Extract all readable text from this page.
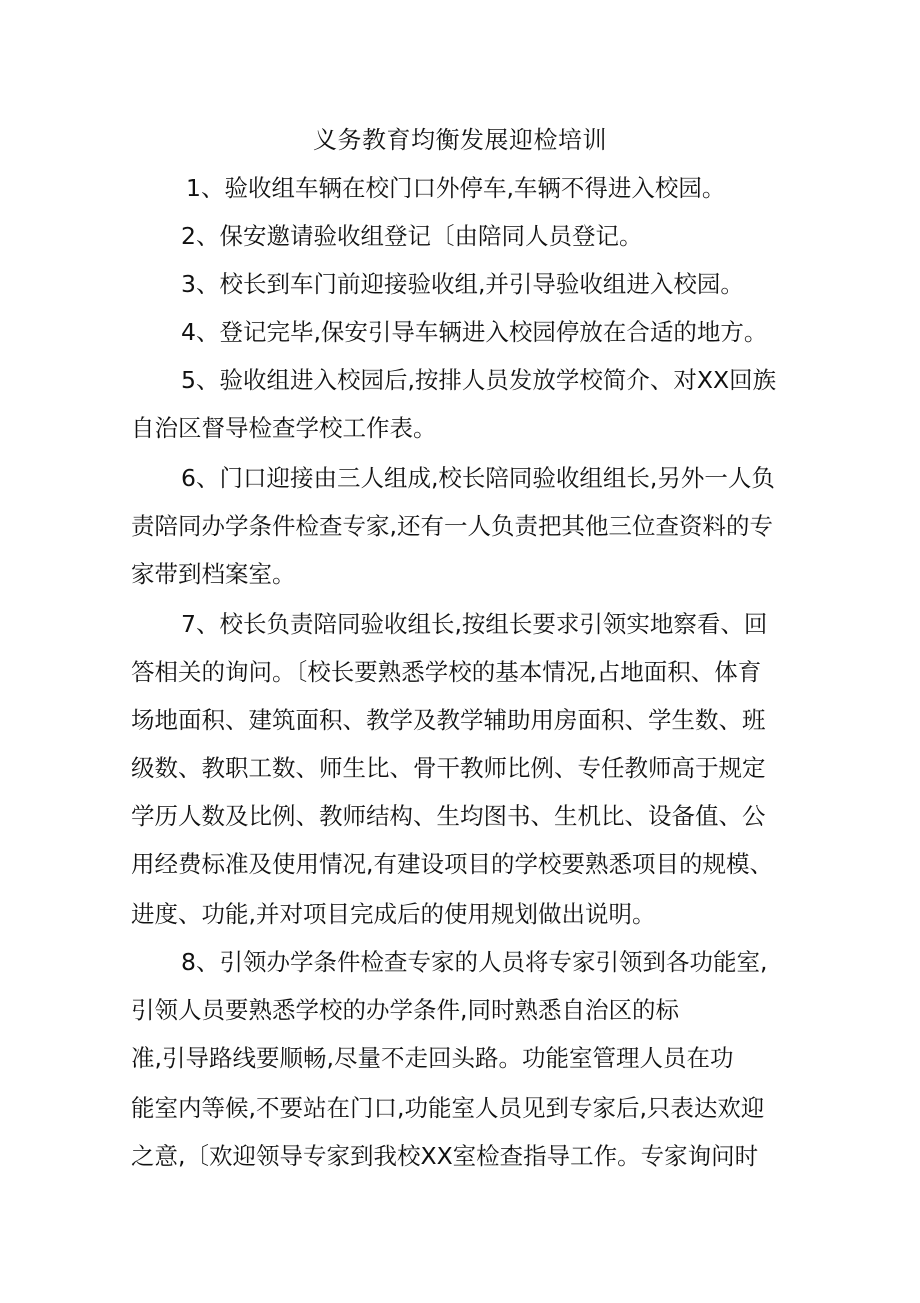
义务教育均衡发展迎检培训
1、验收组车辆在校门口外停车,车辆不得进入校园。
2、保安邀请验收组登记〔由陪同人员登记。
3、校长到车门前迎接验收组,并引导验收组进入校园。
4、登记完毕,保安引导车辆进入校园停放在合适的地方。
5、验收组进入校园后,按排人员发放学校简介、对XX回族
自治区督导检查学校工作表。
6、门口迎接由三人组成,校长陪同验收组组长,另外一人负
责陪同办学条件检查专家,还有一人负责把其他三位查资料的专
家带到档案室。
7、校长负责陪同验收组长,按组长要求引领实地察看、回
答相关的询问。〔校长要熟悉学校的基本情况,占地面积、体育
场地面积、建筑面积、教学及教学辅助用房面积、学生数、班
级数、教职工数、师生比、骨干教师比例、专任教师高于规定
学历人数及比例、教师结构、生均图书、生机比、设备值、公
用经费标准及使用情况,有建设项目的学校要熟悉项目的规模、
进度、功能,并对项目完成后的使用规划做出说明。
8、引领办学条件检查专家的人员将专家引领到各功能室,
引领人员要熟悉学校的办学条件,同时熟悉自治区的标
准,引导路线要顺畅,尽量不走回头路。功能室管理人员在功
能室内等候,不要站在门口,功能室人员见到专家后,只表达欢迎
之意,〔欢迎领导专家到我校XX室检查指导工作。专家询问时
